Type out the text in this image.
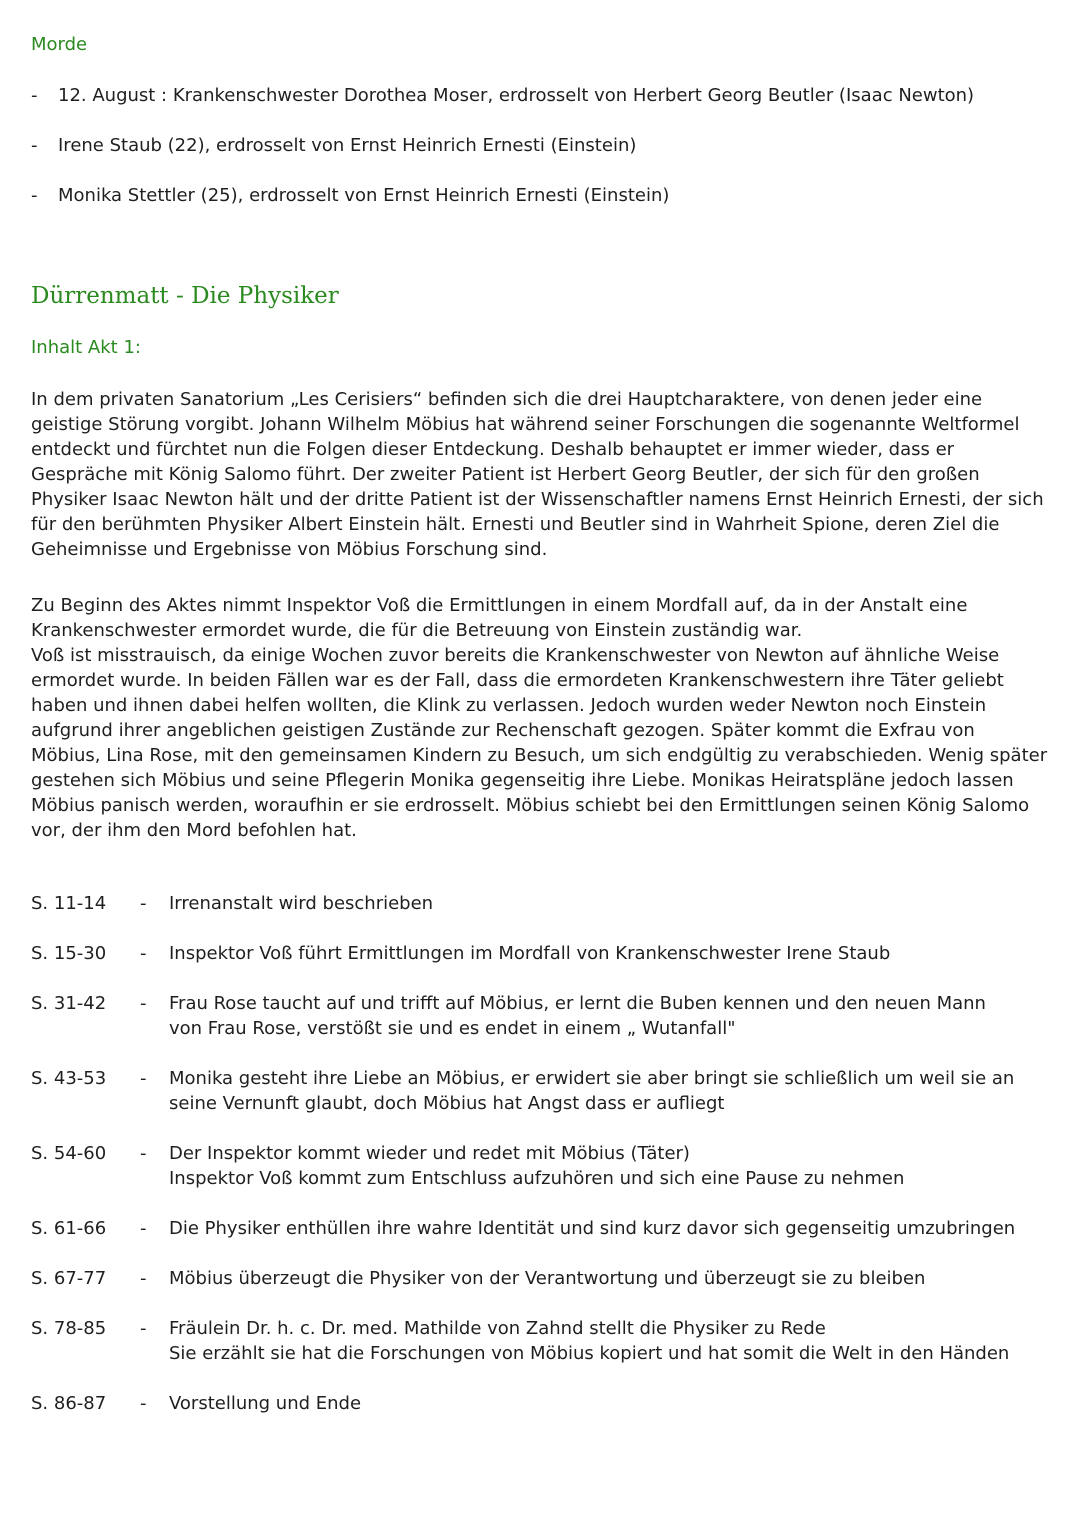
Morde
-	12. August : Krankenschwester Dorothea Moser, erdrosselt von Herbert Georg Beutler (Isaac Newton)
-	Irene Staub (22), erdrosselt von Ernst Heinrich Ernesti (Einstein)
-	Monika Stettler (25), erdrosselt von Ernst Heinrich Ernesti (Einstein)
Dürrenmatt - Die Physiker
Inhalt Akt 1:

In dem privaten Sanatorium „Les Cerisiers“ befinden sich die drei Hauptcharaktere, von denen jeder eine geistige Störung vorgibt. Johann Wilhelm Möbius hat während seiner Forschungen die sogenannte Weltformel entdeckt und fürchtet nun die Folgen dieser Entdeckung. Deshalb behauptet er immer wieder, dass er Gespräche mit König Salomo führt. Der zweiter Patient ist Herbert Georg Beutler, der sich für den großen Physiker Isaac Newton hält und der dritte Patient ist der Wissenschaftler namens Ernst Heinrich Ernesti, der sich für den berühmten Physiker Albert Einstein hält. Ernesti und Beutler sind in Wahrheit Spione, deren Ziel die Geheimnisse und Ergebnisse von Möbius Forschung sind.

Zu Beginn des Aktes nimmt Inspektor Voß die Ermittlungen in einem Mordfall auf, da in der Anstalt eine Krankenschwester ermordet wurde, die für die Betreuung von Einstein zuständig war.
Voß ist misstrauisch, da einige Wochen zuvor bereits die Krankenschwester von Newton auf ähnliche Weise ermordet wurde. In beiden Fällen war es der Fall, dass die ermordeten Krankenschwestern ihre Täter geliebt haben und ihnen dabei helfen wollten, die Klink zu verlassen. Jedoch wurden weder Newton noch Einstein aufgrund ihrer angeblichen geistigen Zustände zur Rechenschaft gezogen. Später kommt die Exfrau von Möbius, Lina Rose, mit den gemeinsamen Kindern zu Besuch, um sich endgültig zu verabschieden. Wenig später gestehen sich Möbius und seine Pflegerin Monika gegenseitig ihre Liebe. Monikas Heiratspläne jedoch lassen Möbius panisch werden, woraufhin er sie erdrosselt. Möbius schiebt bei den Ermittlungen seinen König Salomo vor, der ihm den Mord befohlen hat.
S. 11-14	-	Irrenanstalt wird beschrieben
S. 15-30	-	Inspektor Voß führt Ermittlungen im Mordfall von Krankenschwester Irene Staub
S. 31-42	-	Frau Rose taucht auf und trifft auf Möbius, er lernt die Buben kennen und den neuen Mann
von Frau Rose, verstößt sie und es endet in einem „ Wutanfall"
S. 43-53	-	Monika gesteht ihre Liebe an Möbius, er erwidert sie aber bringt sie schließlich um weil sie an
seine Vernunft glaubt, doch Möbius hat Angst dass er aufliegt
S. 54-60	-	Der Inspektor kommt wieder und redet mit Möbius (Täter)
Inspektor Voß kommt zum Entschluss aufzuhören und sich eine Pause zu nehmen
S. 61-66	-	Die Physiker enthüllen ihre wahre Identität und sind kurz davor sich gegenseitig umzubringen
S. 67-77	-	Möbius überzeugt die Physiker von der Verantwortung und überzeugt sie zu bleiben
S. 78-85	-	Fräulein Dr. h. c. Dr. med. Mathilde von Zahnd stellt die Physiker zu Rede
Sie erzählt sie hat die Forschungen von Möbius kopiert und hat somit die Welt in den Händen
S. 86-87	-	Vorstellung und Ende
